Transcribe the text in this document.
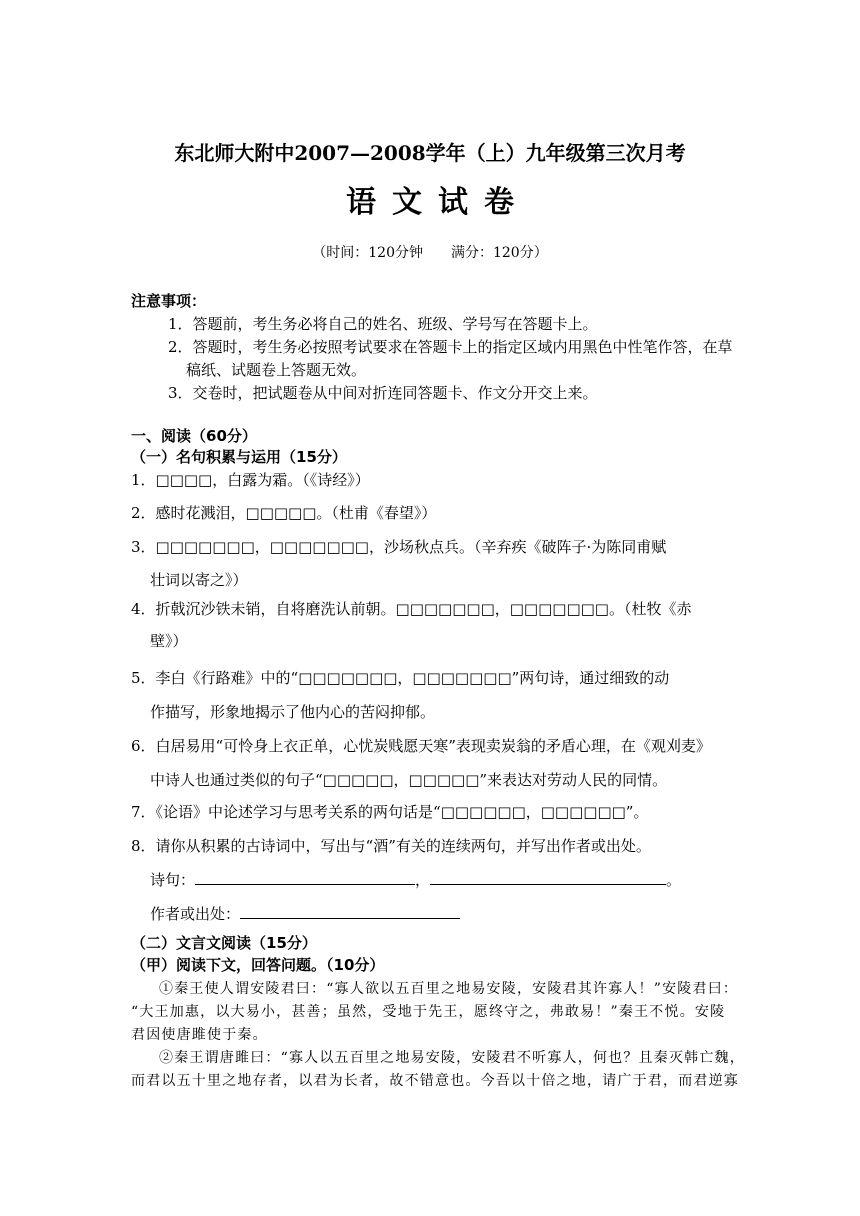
东北师大附中2007—2008学年（上）九年级第三次月考
语文试卷
（时间：120分钟　　满分：120分）
注意事项：
1．答题前，考生务必将自己的姓名、班级、学号写在答题卡上。
2．答题时，考生务必按照考试要求在答题卡上的指定区域内用黑色中性笔作答，在草
稿纸、试题卷上答题无效。
3．交卷时，把试题卷从中间对折连同答题卡、作文分开交上来。
一、阅读（60分）
（一）名句积累与运用（15分）
1．□□□□，白露为霜。（《诗经》）
2．感时花溅泪，□□□□□。（杜甫《春望》）
3．□□□□□□□，□□□□□□□，沙场秋点兵。（辛弃疾《破阵子·为陈同甫赋
壮词以寄之》）
4．折戟沉沙铁未销，自将磨洗认前朝。□□□□□□□，□□□□□□□。（杜牧《赤
壁》）
5．李白《行路难》中的“□□□□□□□，□□□□□□□”两句诗，通过细致的动
作描写，形象地揭示了他内心的苦闷抑郁。
6．白居易用“可怜身上衣正单，心忧炭贱愿天寒”表现卖炭翁的矛盾心理，在《观刈麦》
中诗人也通过类似的句子“□□□□□，□□□□□”来表达对劳动人民的同情。
7．《论语》中论述学习与思考关系的两句话是“□□□□□□，□□□□□□”。
8．请你从积累的古诗词中，写出与“酒”有关的连续两句，并写出作者或出处。
诗句：	，	。
作者或出处：
（二）文言文阅读（15分）
（甲）阅读下文，回答问题。（10分）
①秦王使人谓安陵君曰：“寡人欲以五百里之地易安陵，安陵君其许寡人！”安陵君曰：
“大王加惠，以大易小，甚善；虽然，受地于先王，愿终守之，弗敢易！”秦王不悦。安陵
君因使唐雎使于秦。
②秦王谓唐雎曰：“寡人以五百里之地易安陵，安陵君不听寡人，何也？且秦灭韩亡魏，
而君以五十里之地存者，以君为长者，故不错意也。今吾以十倍之地，请广于君，而君逆寡
